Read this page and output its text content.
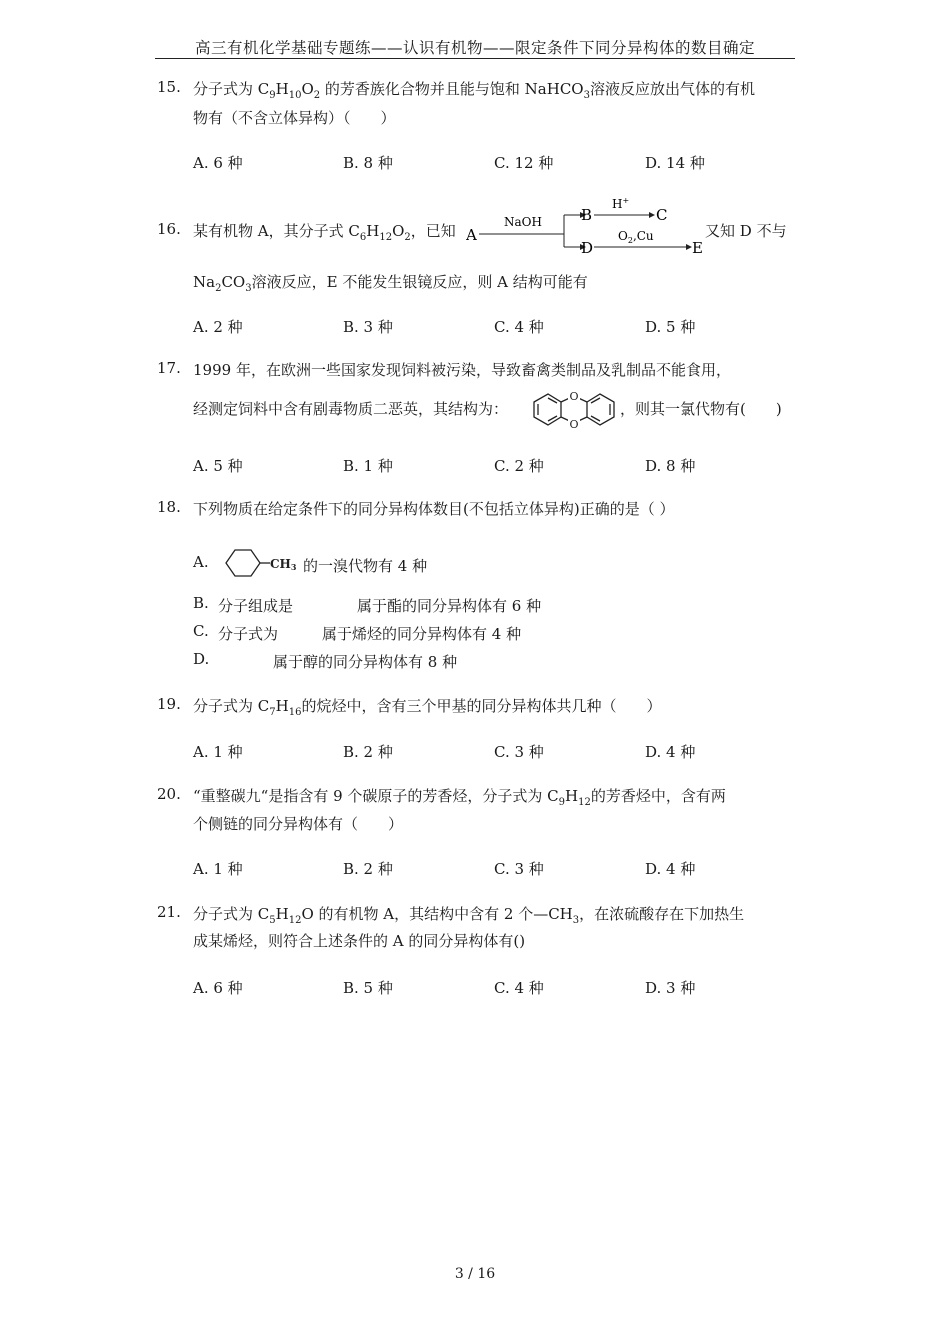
高三有机化学基础专题练——认识有机物——限定条件下同分异构体的数目确定
15. 分子式为 $C_9H_{10}O_2$ 的芳香族化合物并且能与饱和 NaHCO$_3$溶液反应放出气体的有机
物有（不含立体异构）（　　）
A. 6 种	B. 8 种	C. 12 种	D. 14 种
16. 某有机物 A，其分子式 $C_6H_{12}O_2$，已知 A
NaOH	B
H+
C
D
$O_2,Cu$
E
又知 D 不与
$Na_2CO_3$溶液反应，E 不能发生银镜反应，则 A 结构可能有
A. 2 种	B. 3 种	C. 4 种	D. 5 种
17. 1999 年，在欧洲一些国家发现饲料被污染，导致畜禽类制品及乳制品不能食用，
经测定饲料中含有剧毒物质二恶英，其结构为：
O
O
，则其一氯代物有(　　)
A. 5 种	B. 1 种	C. 2 种	D. 8 种
18. 下列物质在给定条件下的同分异构体数目(不包括立体异构)正确的是（ ）
A.	CH3 的一溴代物有 4 种
B. 分子组成是	属于酯的同分异构体有 6 种
C. 分子式为	属于烯烃的同分异构体有 4 种
D.	属于醇的同分异构体有 8 种
19. 分子式为 $C_7H_{16}$的烷烃中，含有三个甲基的同分异构体共几种（　　）
A. 1 种	B. 2 种	C. 3 种	D. 4 种
20. “重整碳九“是指含有 9 个碳原子的芳香烃，分子式为 $C_9H_{12}$的芳香烃中，含有两
个侧链的同分异构体有（　　）
A. 1 种	B. 2 种	C. 3 种	D. 4 种
21. 分子式为 $C_5H_{12}O$ 的有机物 A，其结构中含有 2 个$—CH_3$，在浓硫酸存在下加热生
成某烯烃，则符合上述条件的 A 的同分异构体有()
A. 6 种	B. 5 种	C. 4 种	D. 3 种
3 / 16
